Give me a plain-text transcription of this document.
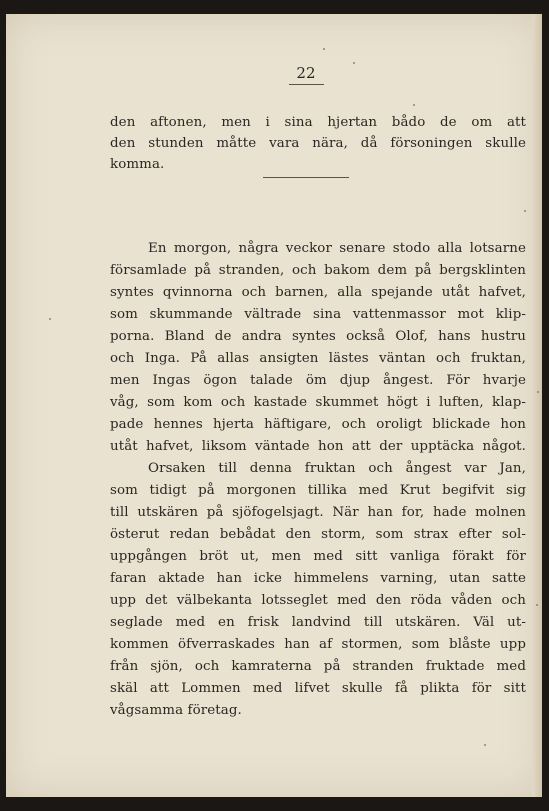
22
den aftonen, men i sina hjertan bådo de om att
den stunden måtte vara nära, då försoningen skulle
komma.
En morgon, några veckor senare stodo alla lotsarne
församlade på stranden, och bakom dem på bergsklinten
syntes qvinnorna och barnen, alla spejande utåt hafvet,
som skummande vältrade sina vattenmassor mot klip-
porna. Bland de andra syntes också Olof, hans hustru
och Inga. På allas ansigten lästes väntan och fruktan,
men Ingas ögon talade öm djup ångest. För hvarje
våg, som kom och kastade skummet högt i luften, klap-
pade hennes hjerta häftigare, och oroligt blickade hon
utåt hafvet, liksom väntade hon att der upptäcka något.
Orsaken till denna fruktan och ångest var Jan,
som tidigt på morgonen tillika med Krut begifvit sig
till utskären på sjöfogelsjagt. När han for, hade molnen
österut redan bebådat den storm, som strax efter sol-
uppgången bröt ut, men med sitt vanliga förakt för
faran aktade han icke himmelens varning, utan satte
upp det välbekanta lotsseglet med den röda våden och
seglade med en frisk landvind till utskären. Väl ut-
kommen öfverraskades han af stormen, som blåste upp
från sjön, och kamraterna på stranden fruktade med
skäl att Lommen med lifvet skulle få plikta för sitt
vågsamma företag.
